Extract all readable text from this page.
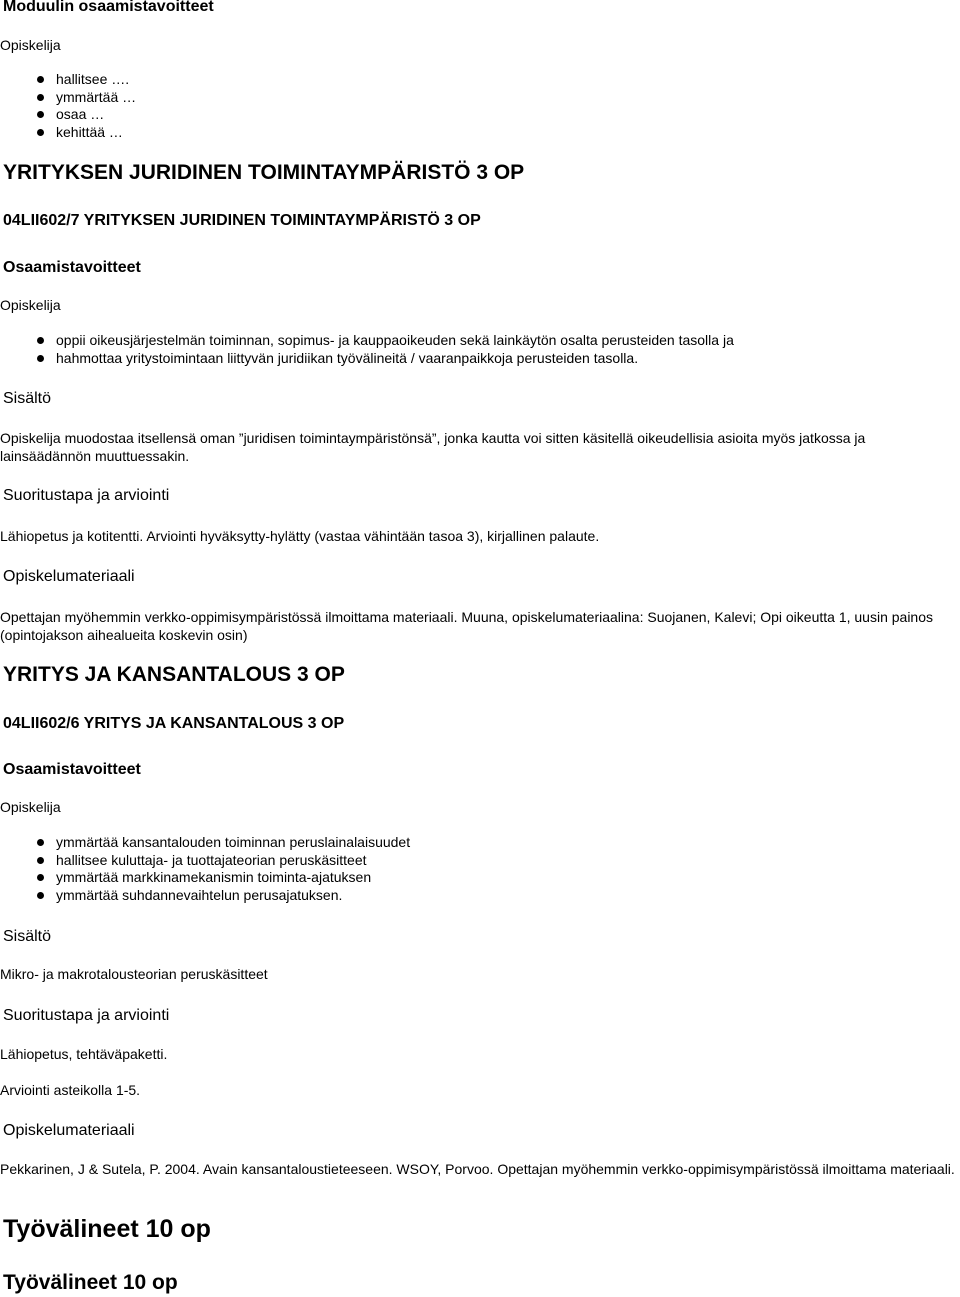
Moduulin osaamistavoitteet
Opiskelija
hallitsee ….
ymmärtää …
osaa …
kehittää …
YRITYKSEN JURIDINEN TOIMINTAYMPÄRISTÖ 3 OP
04LII602/7 YRITYKSEN JURIDINEN TOIMINTAYMPÄRISTÖ 3 OP
Osaamistavoitteet
Opiskelija
oppii oikeusjärjestelmän toiminnan, sopimus- ja kauppaoikeuden sekä lainkäytön osalta perusteiden tasolla ja
hahmottaa yritystoimintaan liittyvän juridiikan työvälineitä / vaaranpaikkoja perusteiden tasolla.
Sisältö
Opiskelija muodostaa itsellensä oman ”juridisen toimintaympäristönsä”, jonka kautta voi sitten käsitellä oikeudellisia asioita myös jatkossa ja lainsäädännön muuttuessakin.
Suoritustapa ja arviointi
Lähiopetus ja kotitentti. Arviointi hyväksytty-hylätty (vastaa vähintään tasoa 3), kirjallinen palaute.
Opiskelumateriaali
Opettajan myöhemmin verkko-oppimisympäristössä ilmoittama materiaali. Muuna, opiskelumateriaalina: Suojanen, Kalevi; Opi oikeutta 1, uusin painos (opintojakson aihealueita koskevin osin)
YRITYS JA KANSANTALOUS 3 OP
04LII602/6 YRITYS JA KANSANTALOUS 3 OP
Osaamistavoitteet
Opiskelija
ymmärtää kansantalouden toiminnan peruslainalaisuudet
hallitsee kuluttaja- ja tuottajateorian peruskäsitteet
ymmärtää markkinamekanismin toiminta-ajatuksen
ymmärtää suhdannevaihtelun perusajatuksen.
Sisältö
Mikro- ja makrotalousteorian peruskäsitteet
Suoritustapa ja arviointi
Lähiopetus, tehtäväpaketti.
Arviointi asteikolla 1-5.
Opiskelumateriaali
Pekkarinen, J & Sutela, P. 2004. Avain kansantaloustieteeseen. WSOY, Porvoo. Opettajan myöhemmin verkko-oppimisympäristössä ilmoittama materiaali.
Työvälineet 10 op
Työvälineet 10 op
